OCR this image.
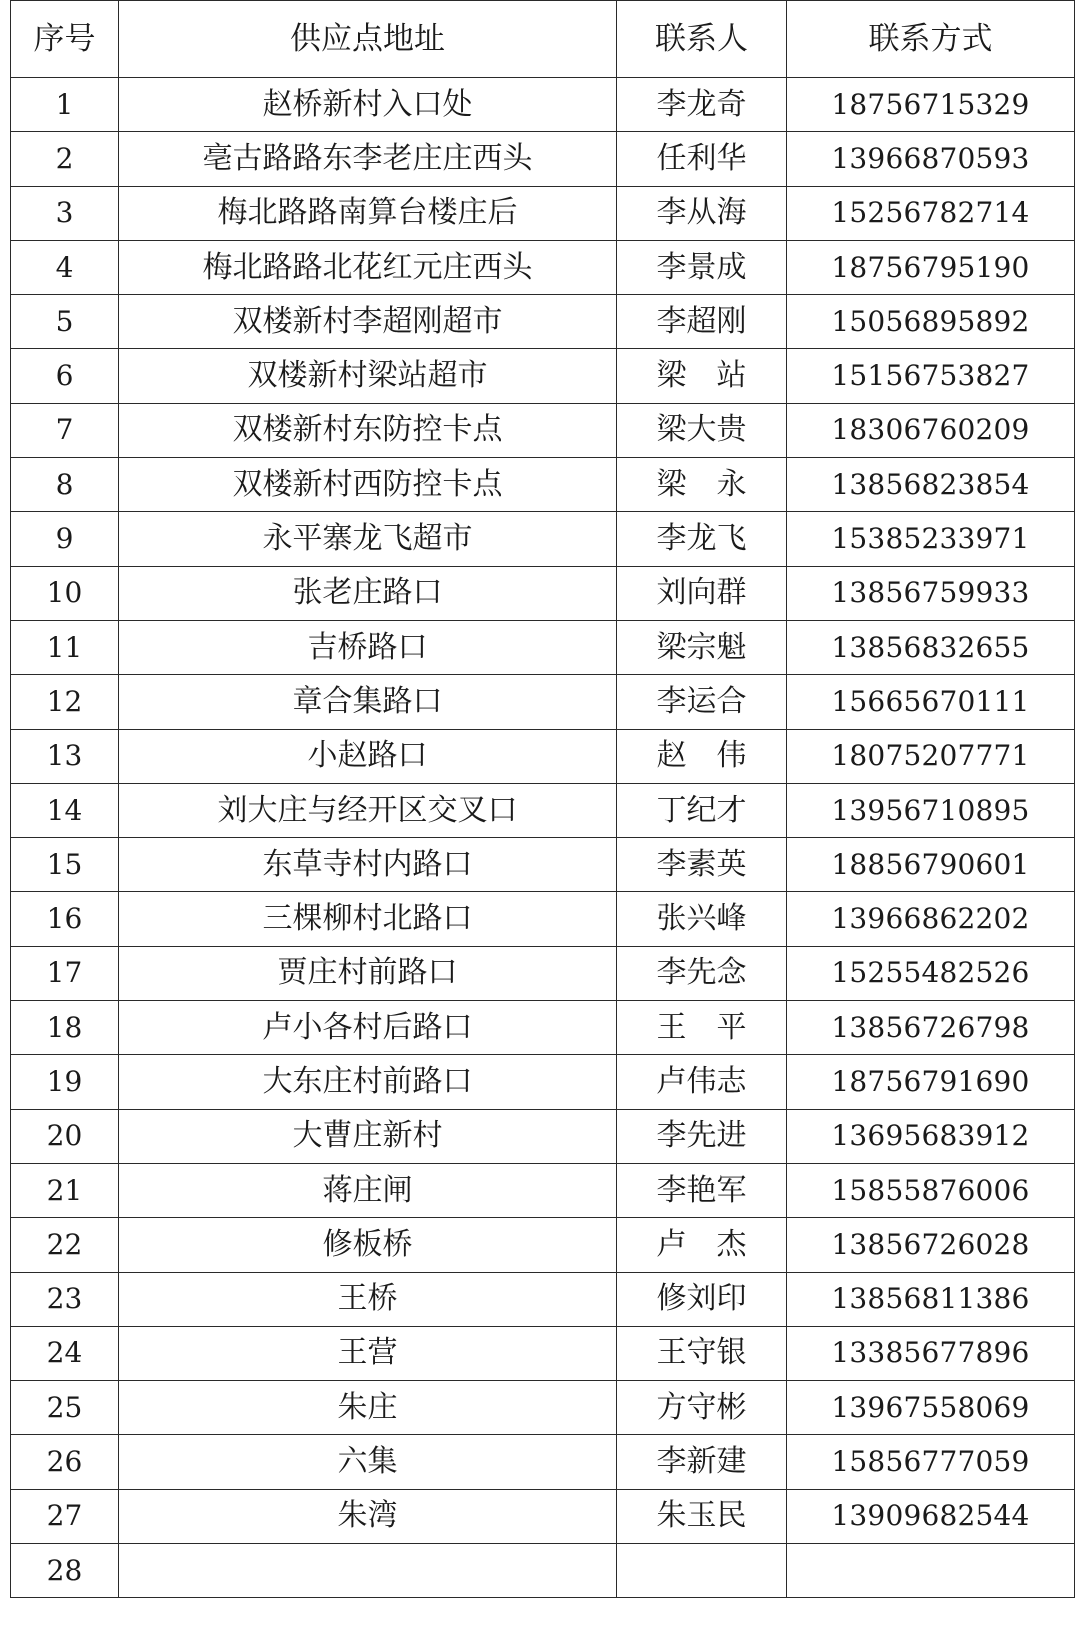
序号	供应点地址	联系人	联系方式
1	赵桥新村入口处	李龙奇	18756715329
2	亳古路路东李老庄庄西头	任利华	13966870593
3	梅北路路南算台楼庄后	李从海	15256782714
4	梅北路路北花红元庄西头	李景成	18756795190
5	双楼新村李超刚超市	李超刚	15056895892
6	双楼新村梁站超市	梁　站	15156753827
7	双楼新村东防控卡点	梁大贵	18306760209
8	双楼新村西防控卡点	梁　永	13856823854
9	永平寨龙飞超市	李龙飞	15385233971
10	张老庄路口	刘向群	13856759933
11	吉桥路口	梁宗魁	13856832655
12	章合集路口	李运合	15665670111
13	小赵路口	赵　伟	18075207771
14	刘大庄与经开区交叉口	丁纪才	13956710895
15	东草寺村内路口	李素英	18856790601
16	三棵柳村北路口	张兴峰	13966862202
17	贾庄村前路口	李先念	15255482526
18	卢小各村后路口	王　平	13856726798
19	大东庄村前路口	卢伟志	18756791690
20	大曹庄新村	李先进	13695683912
21	蒋庄闸	李艳军	15855876006
22	修板桥	卢　杰	13856726028
23	王桥	修刘印	13856811386
24	王营	王守银	13385677896
25	朱庄	方守彬	13967558069
26	六集	李新建	15856777059
27	朱湾	朱玉民	13909682544
28			
